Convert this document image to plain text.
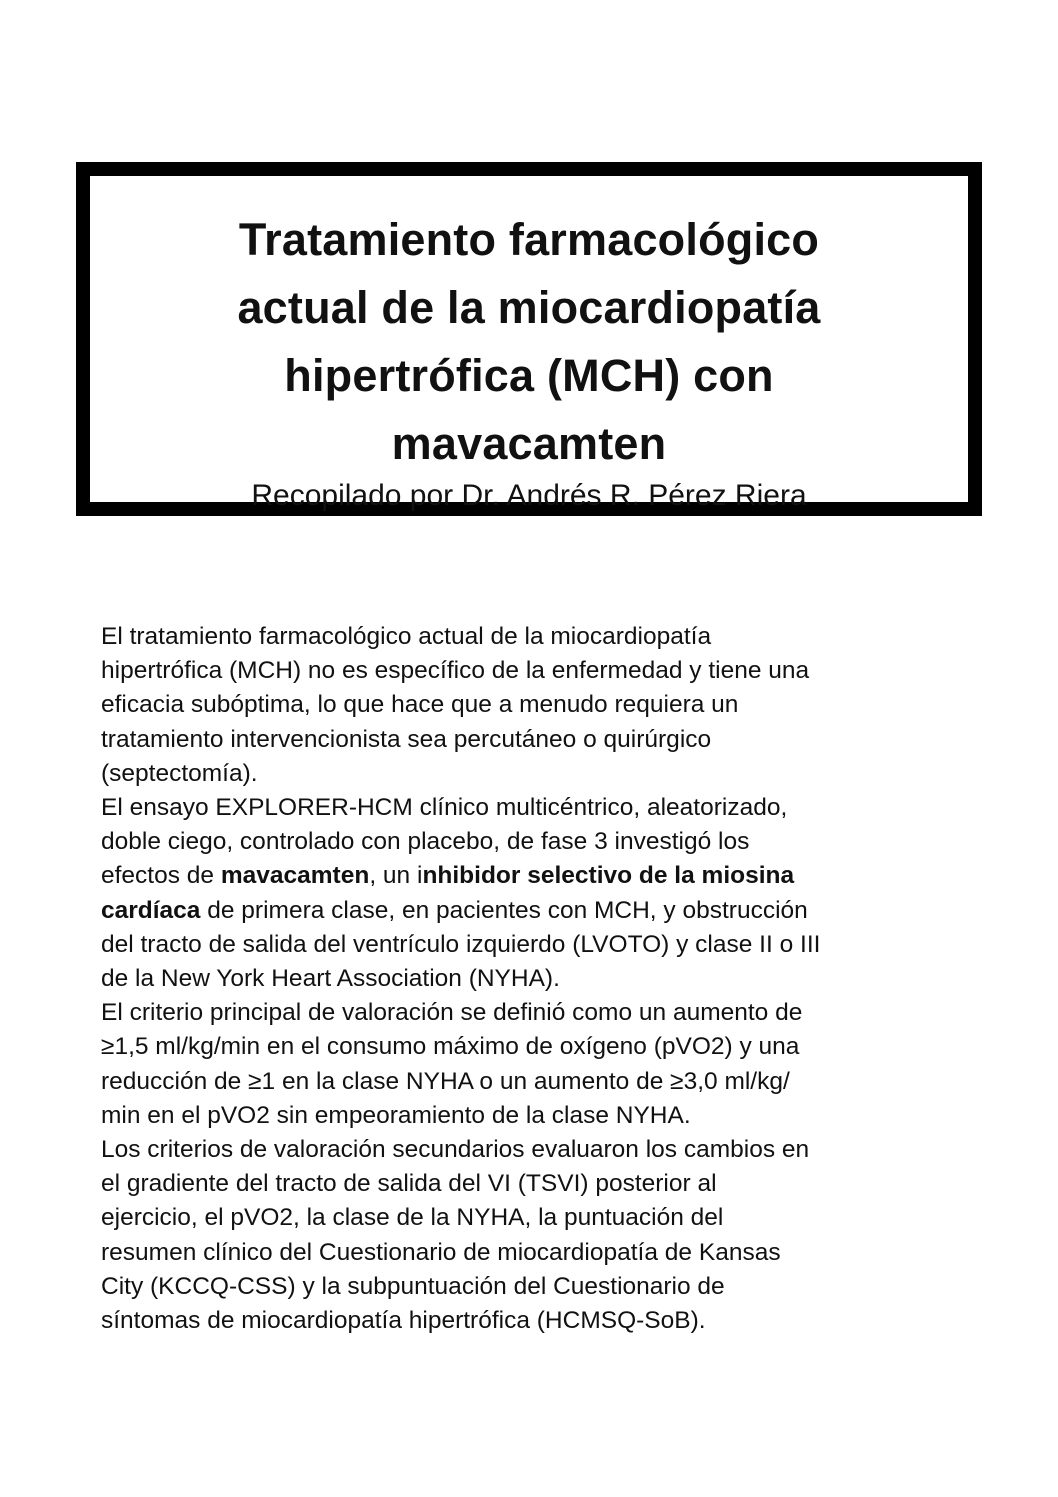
Tratamiento farmacológico
actual de la miocardiopatía
hipertrófica (MCH) con
mavacamten

Recopilado por Dr. Andrés R. Pérez Riera

El tratamiento farmacológico actual de la miocardiopatía
hipertrófica (MCH) no es específico de la enfermedad y tiene una
eficacia subóptima, lo que hace que a menudo requiera un
tratamiento intervencionista sea percutáneo o quirúrgico
(septectomía).
El ensayo EXPLORER-HCM clínico multicéntrico, aleatorizado,
doble ciego, controlado con placebo, de fase 3 investigó los
efectos de mavacamten, un inhibidor selectivo de la miosina
cardíaca de primera clase, en pacientes con MCH, y obstrucción
del tracto de salida del ventrículo izquierdo (LVOTO) y clase II o III
de la New York Heart Association (NYHA).
El criterio principal de valoración se definió como un aumento de
≥1,5 ml/kg/min en el consumo máximo de oxígeno (pVO2) y una
reducción de ≥1 en la clase NYHA o un aumento de ≥3,0 ml/kg/
min en el pVO2 sin empeoramiento de la clase NYHA.
Los criterios de valoración secundarios evaluaron los cambios en
el gradiente del tracto de salida del VI (TSVI) posterior al
ejercicio, el pVO2, la clase de la NYHA, la puntuación del
resumen clínico del Cuestionario de miocardiopatía de Kansas
City (KCCQ-CSS) y la subpuntuación del Cuestionario de
síntomas de miocardiopatía hipertrófica (HCMSQ-SoB).
